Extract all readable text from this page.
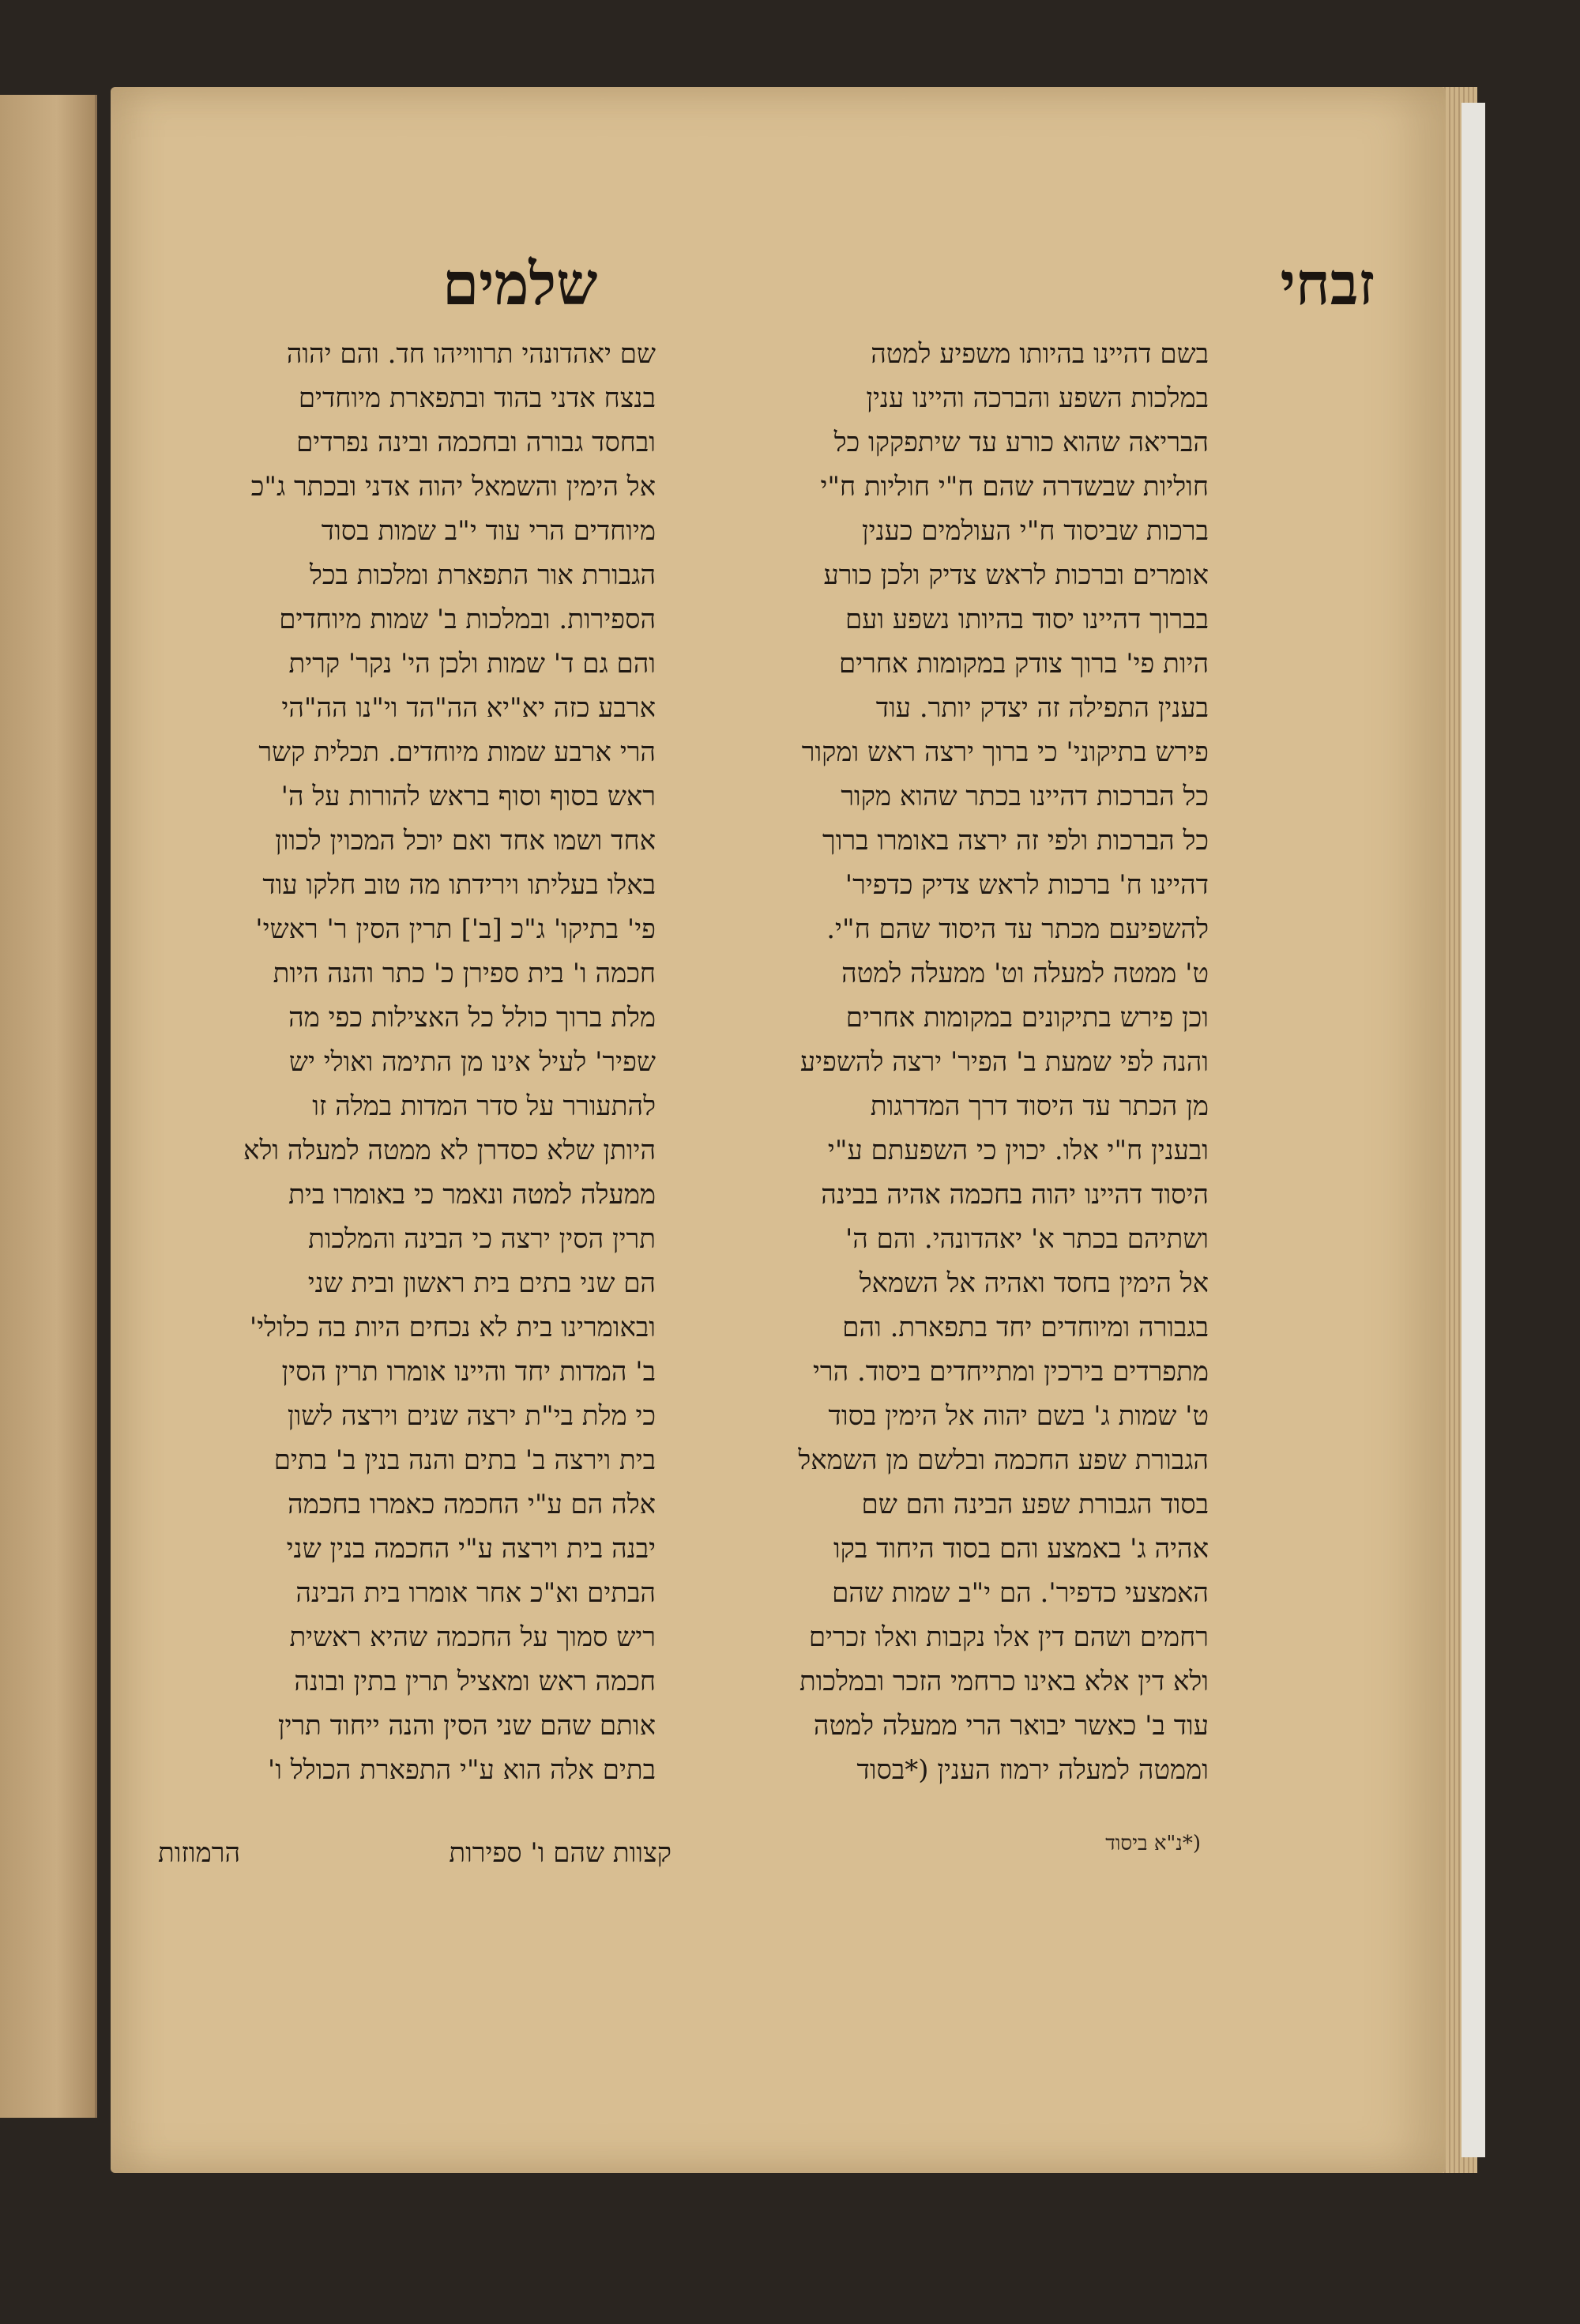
זבחי
שלמים
בשם דהיינו בהיותו משפיע למטה
במלכות השפע והברכה והיינו ענין
הבריאה שהוא כורע עד שיתפקקו כל
חוליות שבשדרה שהם ח"י חוליות ח"י
ברכות שביסוד ח"י העולמים כענין
אומרים וברכות לראש צדיק ולכן כורע
בברוך דהיינו יסוד בהיותו נשפע ועם
היות פי' ברוך צודק במקומות אחרים
בענין התפילה זה יצדק יותר. עוד
פירש בתיקוני' כי ברוך ירצה ראש ומקור
כל הברכות דהיינו בכתר שהוא מקור
כל הברכות ולפי זה ירצה באומרו ברוך
דהיינו ח' ברכות לראש צדיק כדפיר'
להשפיעם מכתר עד היסוד שהם ח"י.
ט' ממטה למעלה וט' ממעלה למטה
וכן פירש בתיקונים במקומות אחרים
והנה לפי שמעת ב' הפיר' ירצה להשפיע
מן הכתר עד היסוד דרך המדרגות
ובענין ח"י אלו. יכוין כי השפעתם ע"י
היסוד דהיינו יהוה בחכמה אהיה בבינה
ושתיהם בכתר א' יאהדונהי. והם ה'
אל הימין בחסד ואהיה אל השמאל
בגבורה ומיוחדים יחד בתפארת. והם
מתפרדים בירכין ומתייחדים ביסוד. הרי
ט' שמות ג' בשם יהוה אל הימין בסוד
הגבורת שפע החכמה ובלשם מן השמאל
בסוד הגבורת שפע הבינה והם שם
אהיה ג' באמצע והם בסוד היחוד בקו
האמצעי כדפיר'. הם י"ב שמות שהם
רחמים ושהם דין אלו נקבות ואלו זכרים
ולא דין אלא באינו כרחמי הזכר ובמלכות
עוד ב' כאשר יבואר הרי ממעלה למטה
וממטה למעלה ירמוז הענין (*בסוד
שם יאהדונהי תרווייהו חד. והם יהוה
בנצח אדני בהוד ובתפארת מיוחדים
ובחסד גבורה ובחכמה ובינה נפרדים
אל הימין והשמאל יהוה אדני ובכתר ג"כ
מיוחדים הרי עוד י"ב שמות בסוד
הגבורת אור התפארת ומלכות בכל
הספירות. ובמלכות ב' שמות מיוחדים
והם גם ד' שמות ולכן הי' נקר' קרית
ארבע כזה יא"יא הה"הד וי"נו הה"הי
הרי ארבע שמות מיוחדים. תכלית קשר
ראש בסוף וסוף בראש להורות על ה'
אחד ושמו אחד ואם יוכל המכוין לכוון
באלו בעליתו וירידתו מה טוב חלקו עוד
פי' בתיקו' ג"כ [ב'] תרין הסין ר' ראשי'
חכמה ו' בית ספירן כ' כתר והנה היות
מלת ברוך כולל כל האצילות כפי מה
שפיר' לעיל אינו מן התימה ואולי יש
להתעורר על סדר המדות במלה זו
היותן שלא כסדרן לא ממטה למעלה ולא
ממעלה למטה ונאמר כי באומרו בית
תרין הסין ירצה כי הבינה והמלכות
הם שני בתים בית ראשון ובית שני
ובאומרינו בית לא נכחים היות בה כלולי'
ב' המדות יחד והיינו אומרו תרין הסין
כי מלת בי"ת ירצה שנים וירצה לשון
בית וירצה ב' בתים והנה בנין ב' בתים
אלה הם ע"י החכמה כאמרו בחכמה
יבנה בית וירצה ע"י החכמה בנין שני
הבתים וא"כ אחר אומרו בית הבינה
ריש סמוך על החכמה שהיא ראשית
חכמה ראש ומאציל תרין בתין ובונה
אותם שהם שני הסין והנה ייחוד תרין
בתים אלה הוא ע"י התפארת הכולל ו'
קצוות שהם ו' ספירות
הרמוזות	(*נ"א ביסוד
